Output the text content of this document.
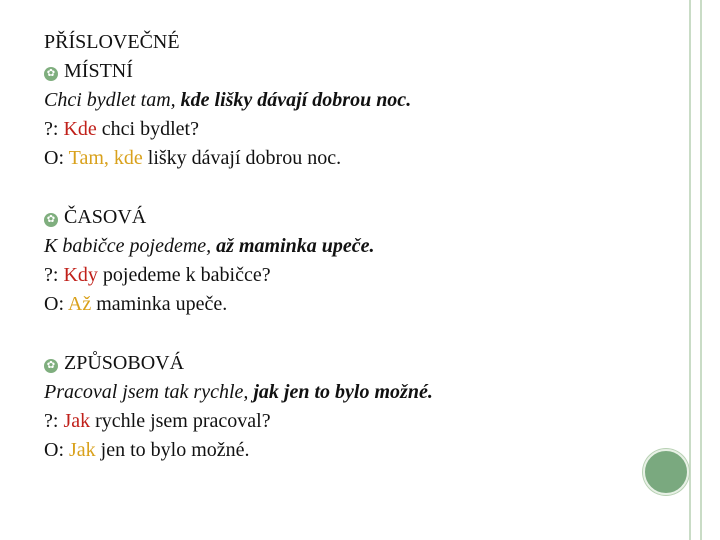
PŘÍSLOVEČNÉ
✿ MÍSTNÍ
Chci bydlet tam, kde lišky dávají dobrou noc.
?: Kde chci bydlet?
O: Tam, kde lišky dávají dobrou noc.
✿ ČASOVÁ
K babičce pojedeme, až maminka upeče.
?: Kdy pojedeme k babičce?
O: Až maminka upeče.
✿ ZPŮSOBOVÁ
Pracoval jsem tak rychle, jak jen to bylo možné.
?: Jak rychle jsem pracoval?
O: Jak jen to bylo možné.
